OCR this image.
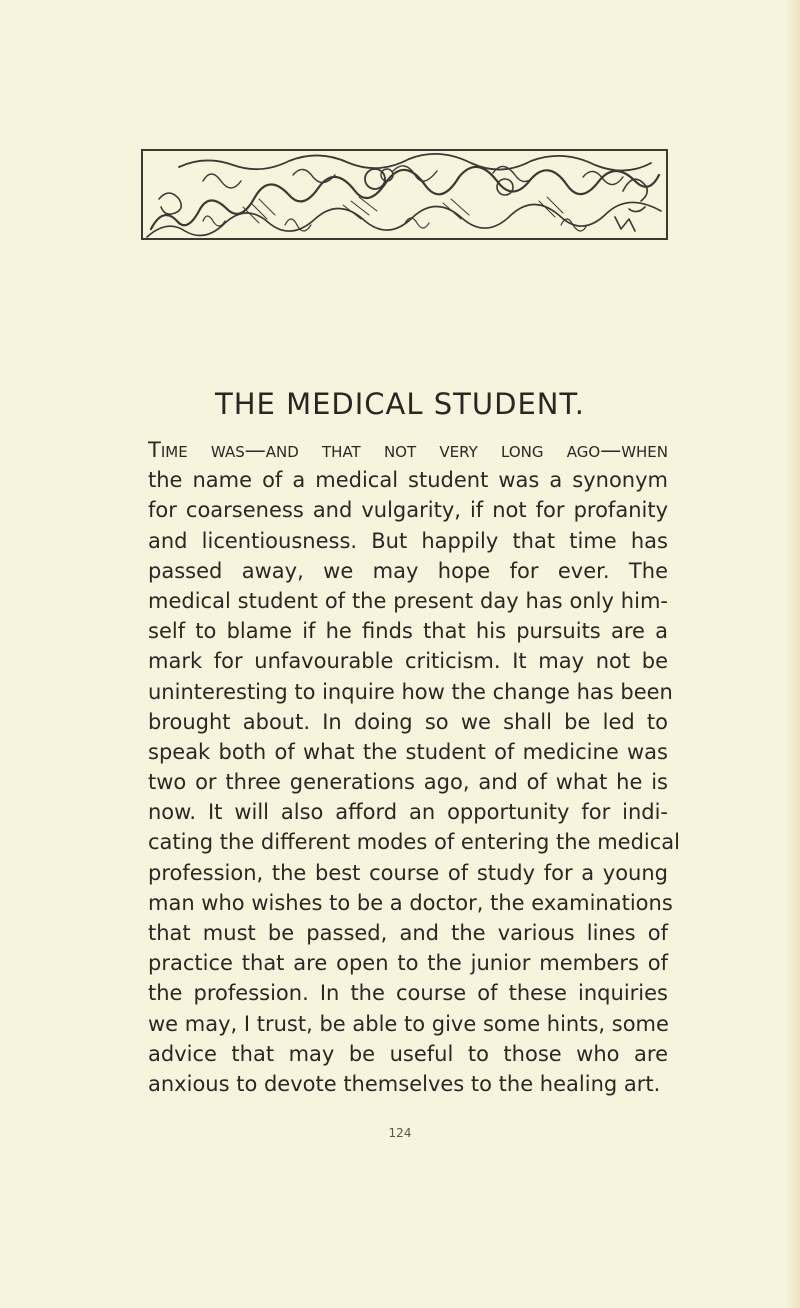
THE MEDICAL STUDENT.
Time was—and that not very long ago—when
the name of a medical student was a synonym
for coarseness and vulgarity, if not for profanity
and licentiousness. But happily that time has
passed away, we may hope for ever. The
medical student of the present day has only him-
self to blame if he finds that his pursuits are a
mark for unfavourable criticism. It may not be
uninteresting to inquire how the change has been
brought about. In doing so we shall be led to
speak both of what the student of medicine was
two or three generations ago, and of what he is
now. It will also afford an opportunity for indi-
cating the different modes of entering the medical
profession, the best course of study for a young
man who wishes to be a doctor, the examinations
that must be passed, and the various lines of
practice that are open to the junior members of
the profession. In the course of these inquiries
we may, I trust, be able to give some hints, some
advice that may be useful to those who are
anxious to devote themselves to the healing art.
124
